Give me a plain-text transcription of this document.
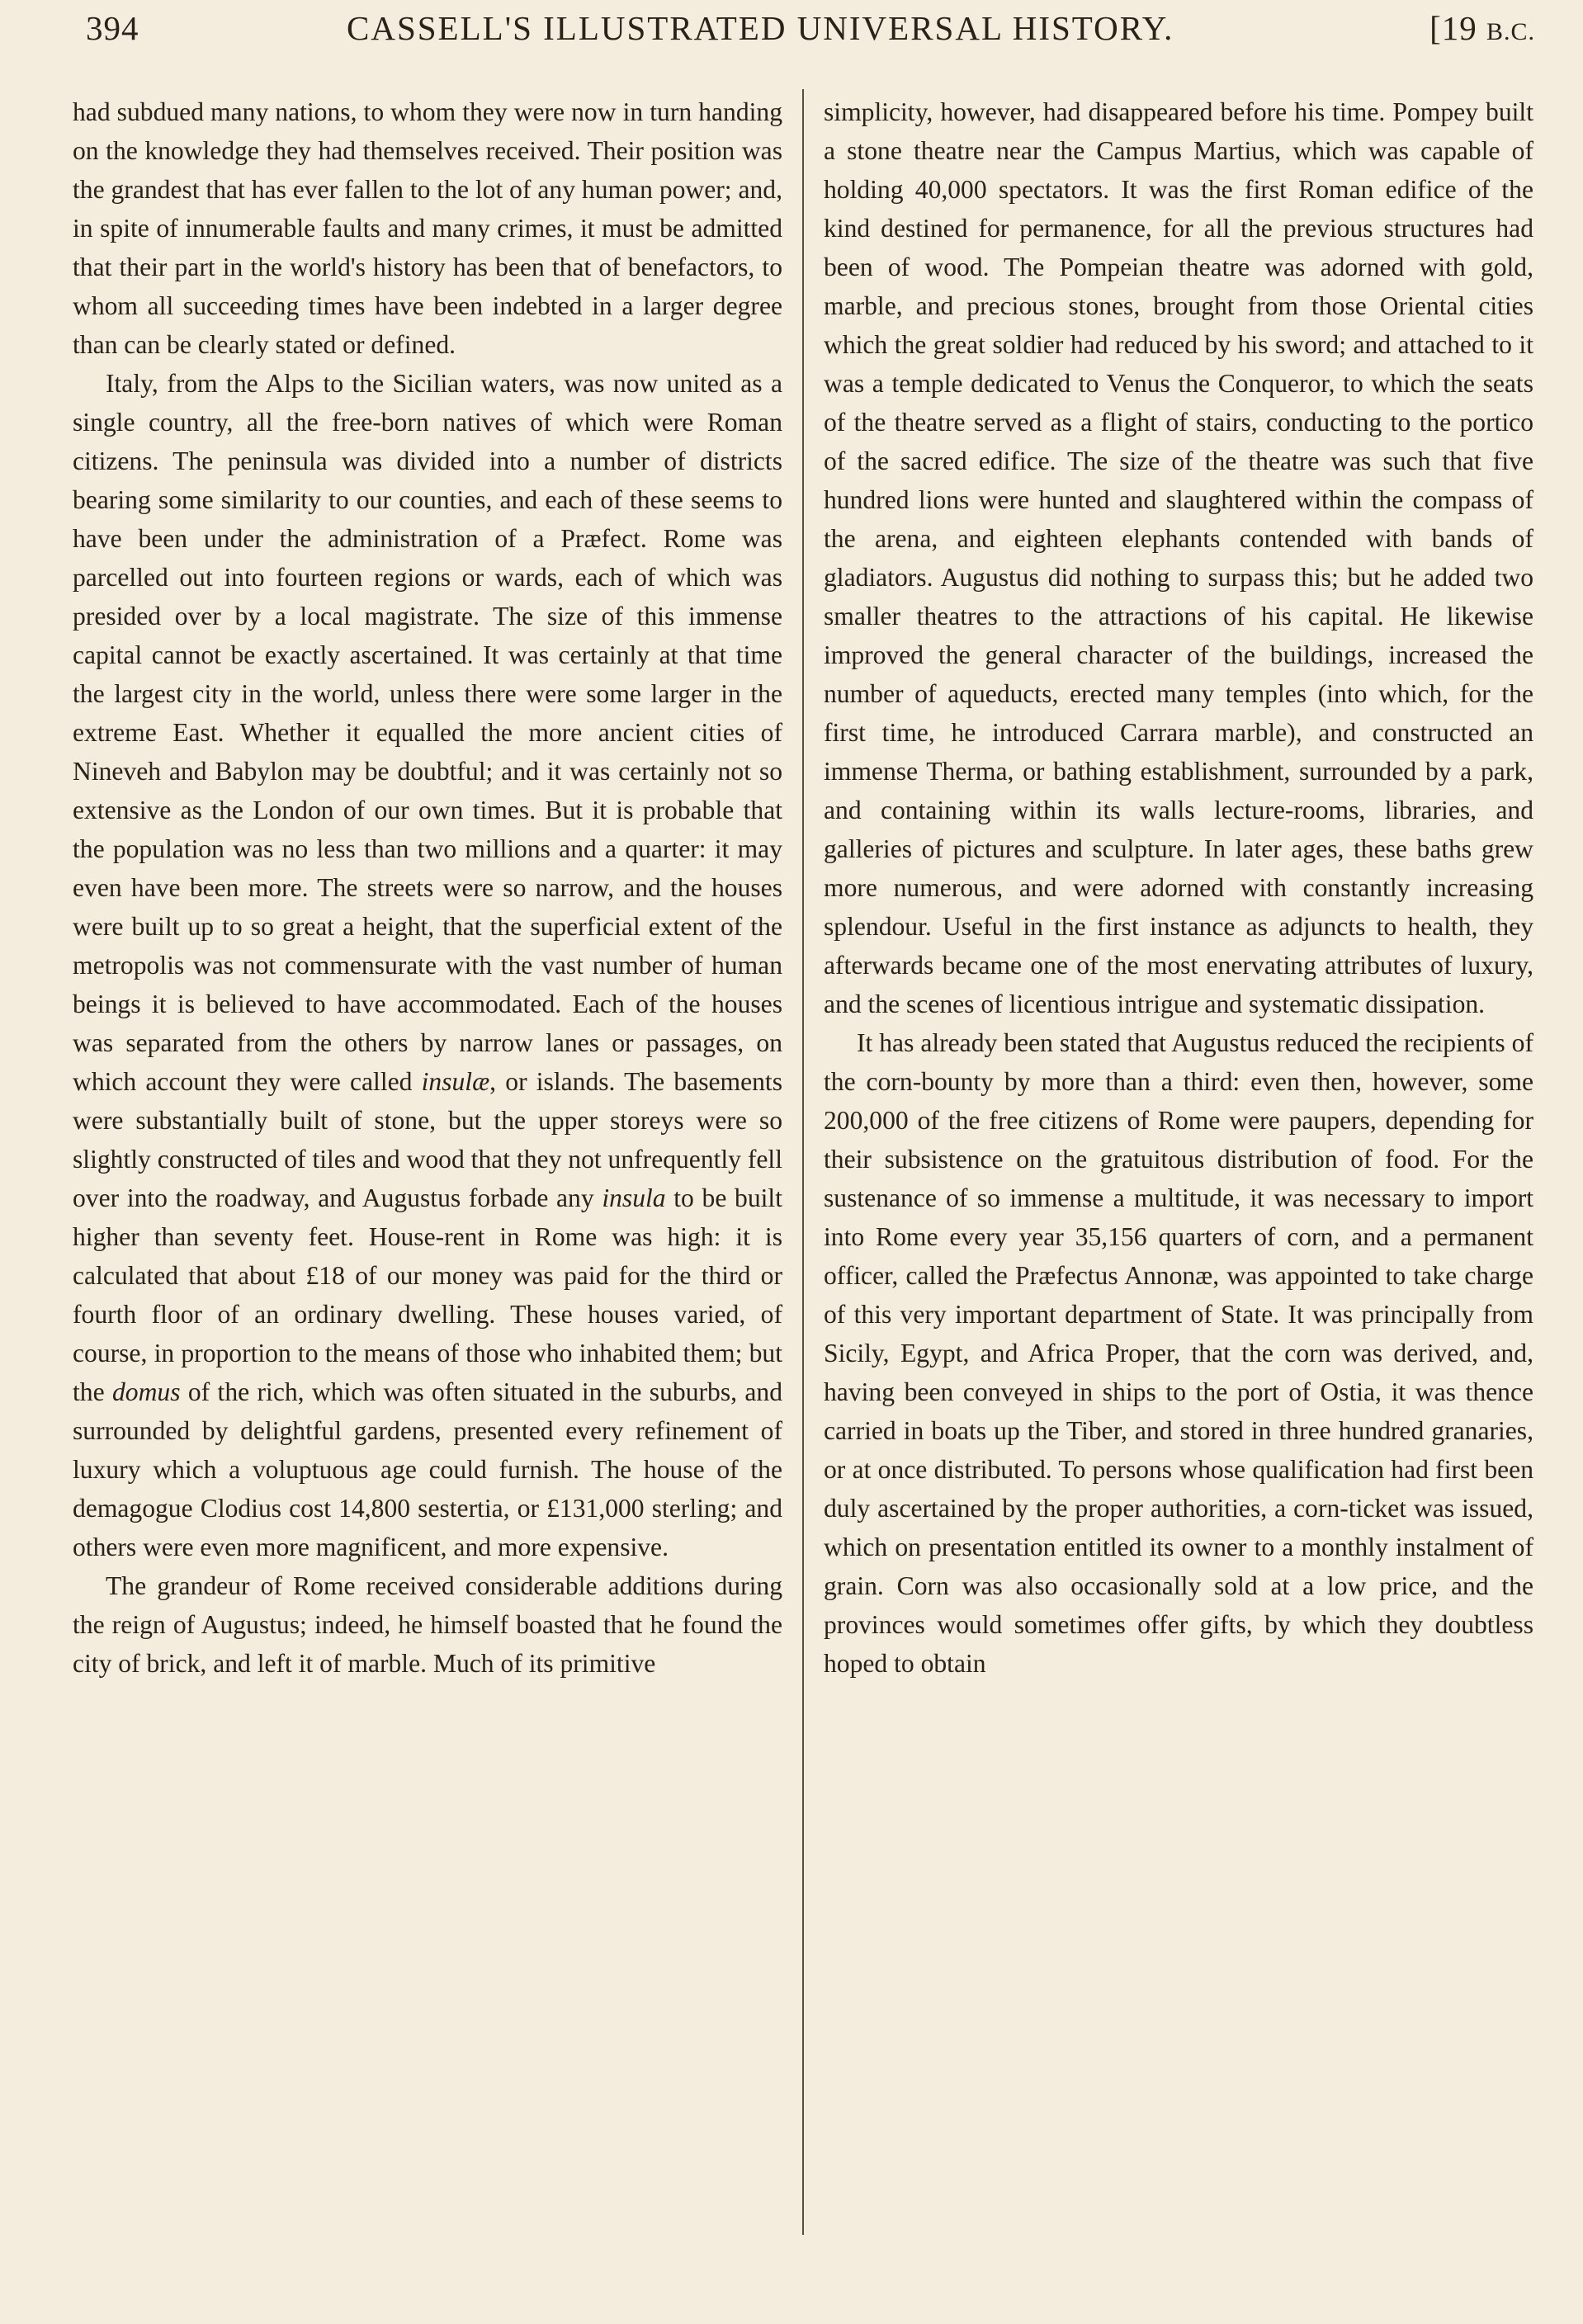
394	CASSELL'S ILLUSTRATED UNIVERSAL HISTORY.	[19 B.C.

had subdued many nations, to whom they were now in turn handing on the knowledge they had themselves received. Their position was the grandest that has ever fallen to the lot of any human power; and, in spite of innumerable faults and many crimes, it must be admitted that their part in the world's history has been that of benefactors, to whom all succeeding times have been indebted in a larger degree than can be clearly stated or defined.

Italy, from the Alps to the Sicilian waters, was now united as a single country, all the free-born natives of which were Roman citizens. The peninsula was divided into a number of districts bearing some similarity to our counties, and each of these seems to have been under the administration of a Præfect. Rome was parcelled out into fourteen regions or wards, each of which was presided over by a local magistrate. The size of this immense capital cannot be exactly ascertained. It was certainly at that time the largest city in the world, unless there were some larger in the extreme East. Whether it equalled the more ancient cities of Nineveh and Babylon may be doubtful; and it was certainly not so extensive as the London of our own times. But it is probable that the population was no less than two millions and a quarter: it may even have been more. The streets were so narrow, and the houses were built up to so great a height, that the superficial extent of the metropolis was not commensurate with the vast number of human beings it is believed to have accommodated. Each of the houses was separated from the others by narrow lanes or passages, on which account they were called insulæ, or islands. The basements were substantially built of stone, but the upper storeys were so slightly constructed of tiles and wood that they not unfrequently fell over into the roadway, and Augustus forbade any insula to be built higher than seventy feet. House-rent in Rome was high: it is calculated that about £18 of our money was paid for the third or fourth floor of an ordinary dwelling. These houses varied, of course, in proportion to the means of those who inhabited them; but the domus of the rich, which was often situated in the suburbs, and surrounded by delightful gardens, presented every refinement of luxury which a voluptuous age could furnish. The house of the demagogue Clodius cost 14,800 sestertia, or £131,000 sterling; and others were even more magnificent, and more expensive.

The grandeur of Rome received considerable additions during the reign of Augustus; indeed, he himself boasted that he found the city of brick, and left it of marble. Much of its primitive

simplicity, however, had disappeared before his time. Pompey built a stone theatre near the Campus Martius, which was capable of holding 40,000 spectators. It was the first Roman edifice of the kind destined for permanence, for all the previous structures had been of wood. The Pompeian theatre was adorned with gold, marble, and precious stones, brought from those Oriental cities which the great soldier had reduced by his sword; and attached to it was a temple dedicated to Venus the Conqueror, to which the seats of the theatre served as a flight of stairs, conducting to the portico of the sacred edifice. The size of the theatre was such that five hundred lions were hunted and slaughtered within the compass of the arena, and eighteen elephants contended with bands of gladiators. Augustus did nothing to surpass this; but he added two smaller theatres to the attractions of his capital. He likewise improved the general character of the buildings, increased the number of aqueducts, erected many temples (into which, for the first time, he introduced Carrara marble), and constructed an immense Therma, or bathing establishment, surrounded by a park, and containing within its walls lecture-rooms, libraries, and galleries of pictures and sculpture. In later ages, these baths grew more numerous, and were adorned with constantly increasing splendour. Useful in the first instance as adjuncts to health, they afterwards became one of the most enervating attributes of luxury, and the scenes of licentious intrigue and systematic dissipation.

It has already been stated that Augustus reduced the recipients of the corn-bounty by more than a third: even then, however, some 200,000 of the free citizens of Rome were paupers, depending for their subsistence on the gratuitous distribution of food. For the sustenance of so immense a multitude, it was necessary to import into Rome every year 35,156 quarters of corn, and a permanent officer, called the Præfectus Annonæ, was appointed to take charge of this very important department of State. It was principally from Sicily, Egypt, and Africa Proper, that the corn was derived, and, having been conveyed in ships to the port of Ostia, it was thence carried in boats up the Tiber, and stored in three hundred granaries, or at once distributed. To persons whose qualification had first been duly ascertained by the proper authorities, a corn-ticket was issued, which on presentation entitled its owner to a monthly instalment of grain. Corn was also occasionally sold at a low price, and the provinces would sometimes offer gifts, by which they doubtless hoped to obtain
